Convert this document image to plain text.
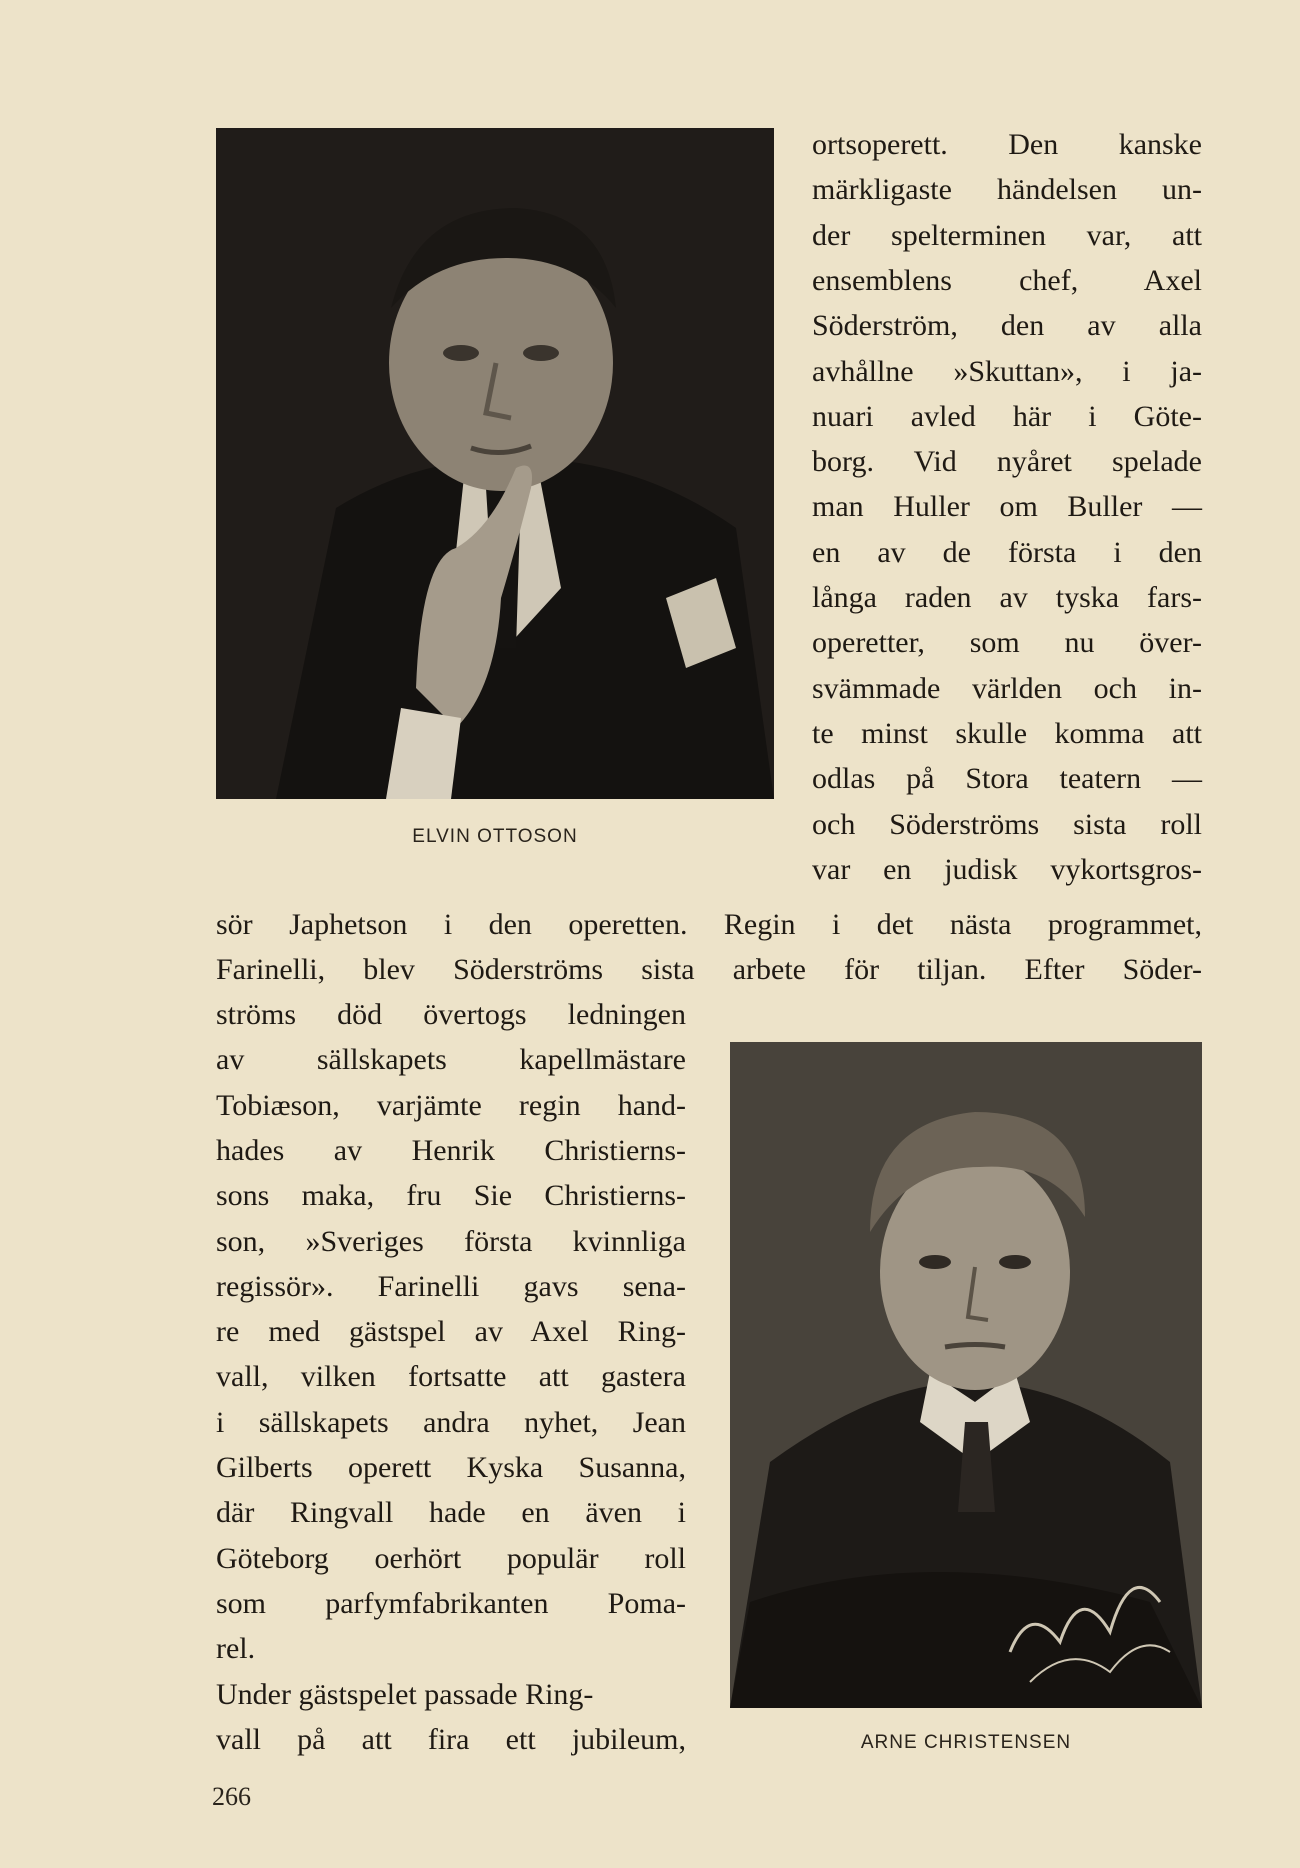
ELVIN OTTOSON
ortsoperett. Den kanske
märkligaste händelsen un-
der spelterminen var, att
ensemblens chef, Axel
Söderström, den av alla
avhållne »Skuttan», i ja-
nuari avled här i Göte-
borg. Vid nyåret spelade
man Huller om Buller —
en av de första i den
långa raden av tyska fars-
operetter, som nu över-
svämmade världen och in-
te minst skulle komma att
odlas på Stora teatern —
och Söderströms sista roll
var en judisk vykortsgros-
sör Japhetson i den operetten. Regin i det nästa programmet,
Farinelli, blev Söderströms sista arbete för tiljan. Efter Söder-
ströms död övertogs ledningen
av sällskapets kapellmästare
Tobiæson, varjämte regin hand-
hades av Henrik Christierns-
sons maka, fru Sie Christierns-
son, »Sveriges första kvinnliga
regissör». Farinelli gavs sena-
re med gästspel av Axel Ring-
vall, vilken fortsatte att gastera
i sällskapets andra nyhet, Jean
Gilberts operett Kyska Susanna,
där Ringvall hade en även i
Göteborg oerhört populär roll
som parfymfabrikanten Poma-
rel.
Under gästspelet passade Ring-
vall på att fira ett jubileum,	ARNE CHRISTENSEN
266
